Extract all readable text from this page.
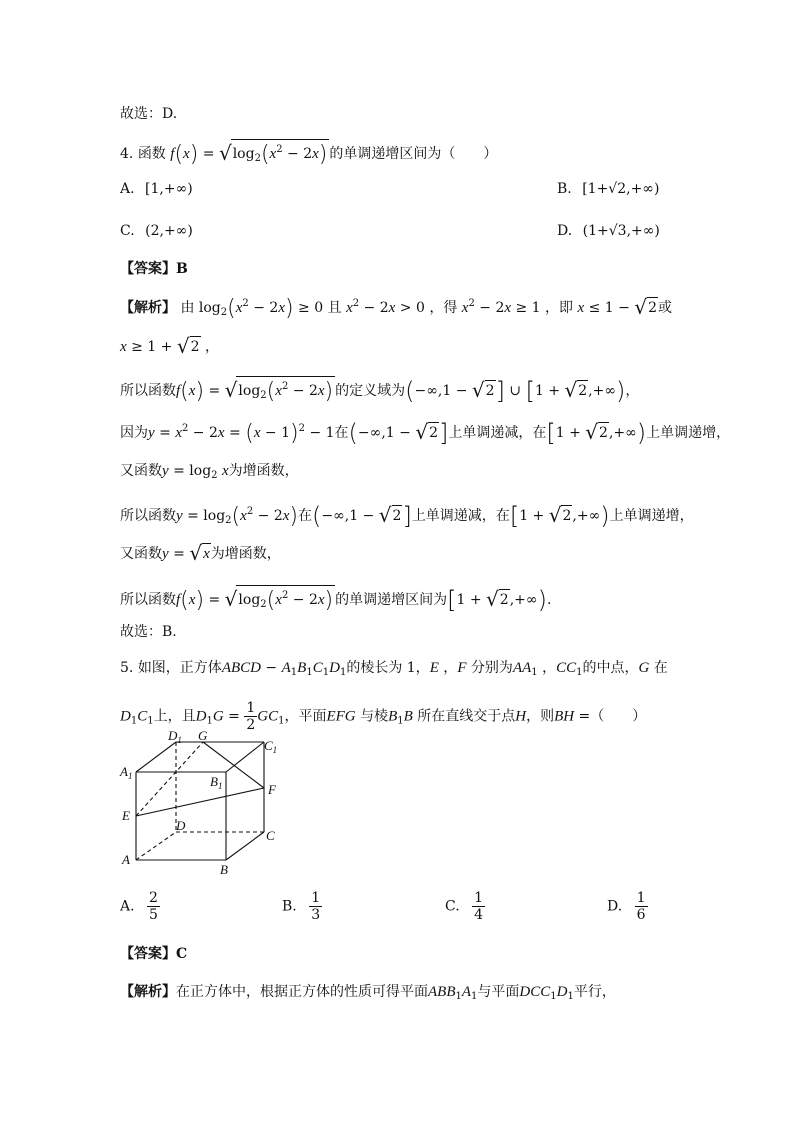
故选：D.
4. 函数 $f(x) = √\log_2(x^2 - 2x)$ 的单调递增区间为（　　）
A. [1,+∞)	B. [1+√2,+∞)
C. (2,+∞)	D. (1+√3,+∞)
【答案】B
【解析】 由 $\log_2(x^2 - 2x) \ge 0$ 且 $x^2 - 2x > 0$ ，得 $x^2 - 2x \ge 1$ ，即 x ≤ 1 − √2或
x ≥ 1 + √2 ，
所以函数$f(x) = √\log_2(x^2 - 2x)$ 的定义域为(−∞,1 − √2] ∪ [1 + √2,+∞)，
因为$y = x^2 - 2x = (x - 1)^2 - 1$在(−∞,1 − √2]上单调递减，在[1 + √2,+∞)上单调递增，
又函数$y = \log_2 x$为增函数，
所以函数$y = \log_2(x^2 - 2x)$在(−∞,1 − √2]上单调递减，在[1 + √2,+∞)上单调递增，
又函数y = √x为增函数，
所以函数$f(x) = √\log_2(x^2 - 2x)$ 的单调递增区间为[1 + √2,+∞).
故选：B.
5. 如图，正方体ABCD − $A_1B_1C_1D_1$的棱长为 1，E ，F 分别为$AA_1$ ，$CC_1$的中点，G 在
$D_1C_1$上，且$D_1G = \frac{1}{2} GC_1$，平面EFG 与棱$B_1B$ 所在直线交于点H，则BH =（　　）
$D_1$ G
$C_1$
$A_1$	$B_1$	F
E
D
C
A
B
A. $\frac{2}{5}$	B. $\frac{1}{3}$	C. $\frac{1}{4}$	D. $\frac{1}{6}$
【答案】C
【解析】在正方体中，根据正方体的性质可得平面$ABB_1A_1$与平面$DCC_1D_1$平行，
